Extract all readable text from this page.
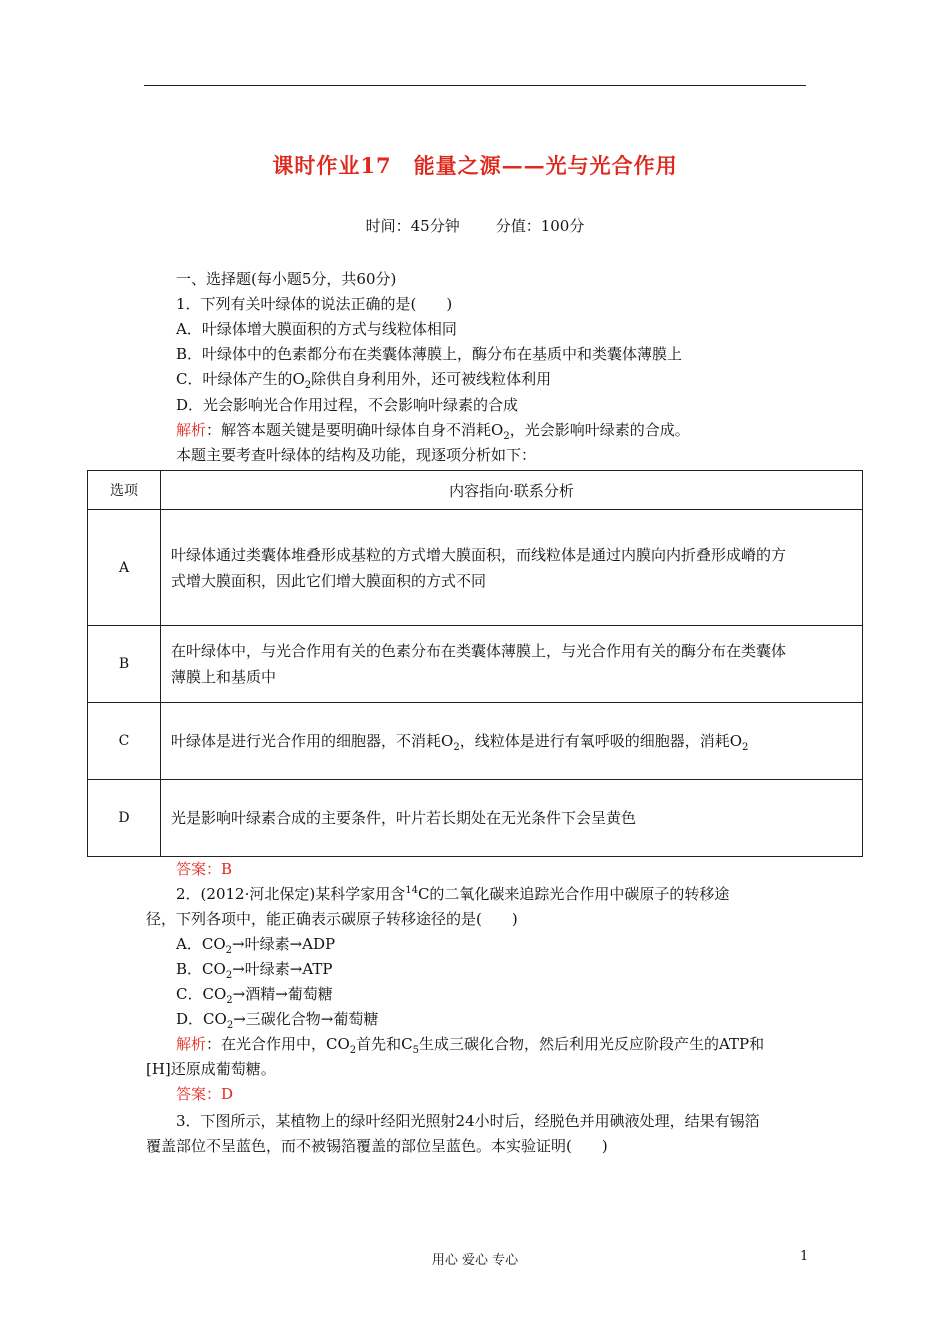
课时作业17　能量之源——光与光合作用
时间：45分钟 分值：100分
一、选择题(每小题5分，共60分)
1．下列有关叶绿体的说法正确的是(　　)
A．叶绿体增大膜面积的方式与线粒体相同
B．叶绿体中的色素都分布在类囊体薄膜上，酶分布在基质中和类囊体薄膜上
C．叶绿体产生的$O_2$除供自身利用外，还可被线粒体利用
D．光会影响光合作用过程，不会影响叶绿素的合成
解析：解答本题关键是要明确叶绿体自身不消耗$O_2$，光会影响叶绿素的合成。
本题主要考查叶绿体的结构及功能，现逐项分析如下：
选项	内容指向·联系分析
A	叶绿体通过类囊体堆叠形成基粒的方式增大膜面积，而线粒体是通过内膜向内折叠形成嵴的方
式增大膜面积，因此它们增大膜面积的方式不同
B	在叶绿体中，与光合作用有关的色素分布在类囊体薄膜上，与光合作用有关的酶分布在类囊体
薄膜上和基质中
C	叶绿体是进行光合作用的细胞器，不消耗$O_2$，线粒体是进行有氧呼吸的细胞器，消耗$O_2$
D	光是影响叶绿素合成的主要条件，叶片若长期处在无光条件下会呈黄色
答案：B
2．(2012·河北保定)某科学家用含$^{14}$C的二氧化碳来追踪光合作用中碳原子的转移途
径，下列各项中，能正确表示碳原子转移途径的是(　　)
A．$CO_2\to$叶绿素→ADP
B．$CO_2\to$叶绿素→ATP
C．$CO_2\to$酒精→葡萄糖
D．$CO_2\to$三碳化合物→葡萄糖
解析：在光合作用中，$CO_2$首先和$C_5$生成三碳化合物，然后利用光反应阶段产生的ATP和
[H]还原成葡萄糖。
答案：D
3．下图所示，某植物上的绿叶经阳光照射24小时后，经脱色并用碘液处理，结果有锡箔
覆盖部位不呈蓝色，而不被锡箔覆盖的部位呈蓝色。本实验证明(　　)
用心 爱心 专心	1
